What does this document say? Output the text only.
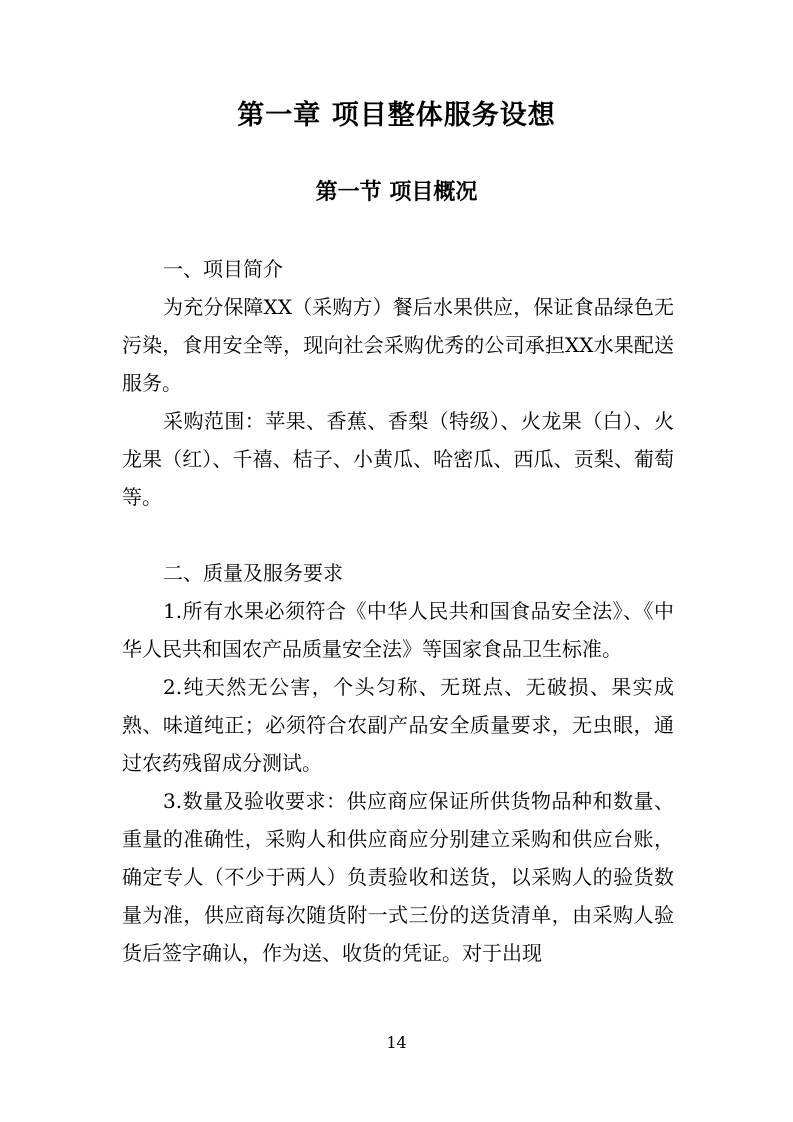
第一章 项目整体服务设想
第一节 项目概况

一、项目简介

为充分保障XX（采购方）餐后水果供应，保证食品绿色无污染，食用安全等，现向社会采购优秀的公司承担XX水果配送服务。

采购范围：苹果、香蕉、香梨（特级）、火龙果（白）、火龙果（红）、千禧、桔子、小黄瓜、哈密瓜、西瓜、贡梨、葡萄等。

二、质量及服务要求

1.所有水果必须符合《中华人民共和国食品安全法》、《中华人民共和国农产品质量安全法》等国家食品卫生标准。

2.纯天然无公害，个头匀称、无斑点、无破损、果实成熟、味道纯正；必须符合农副产品安全质量要求，无虫眼，通过农药残留成分测试。

3.数量及验收要求：供应商应保证所供货物品种和数量、重量的准确性，采购人和供应商应分别建立采购和供应台账，确定专人（不少于两人）负责验收和送货，以采购人的验货数量为准，供应商每次随货附一式三份的送货清单，由采购人验货后签字确认，作为送、收货的凭证。对于出现

14
